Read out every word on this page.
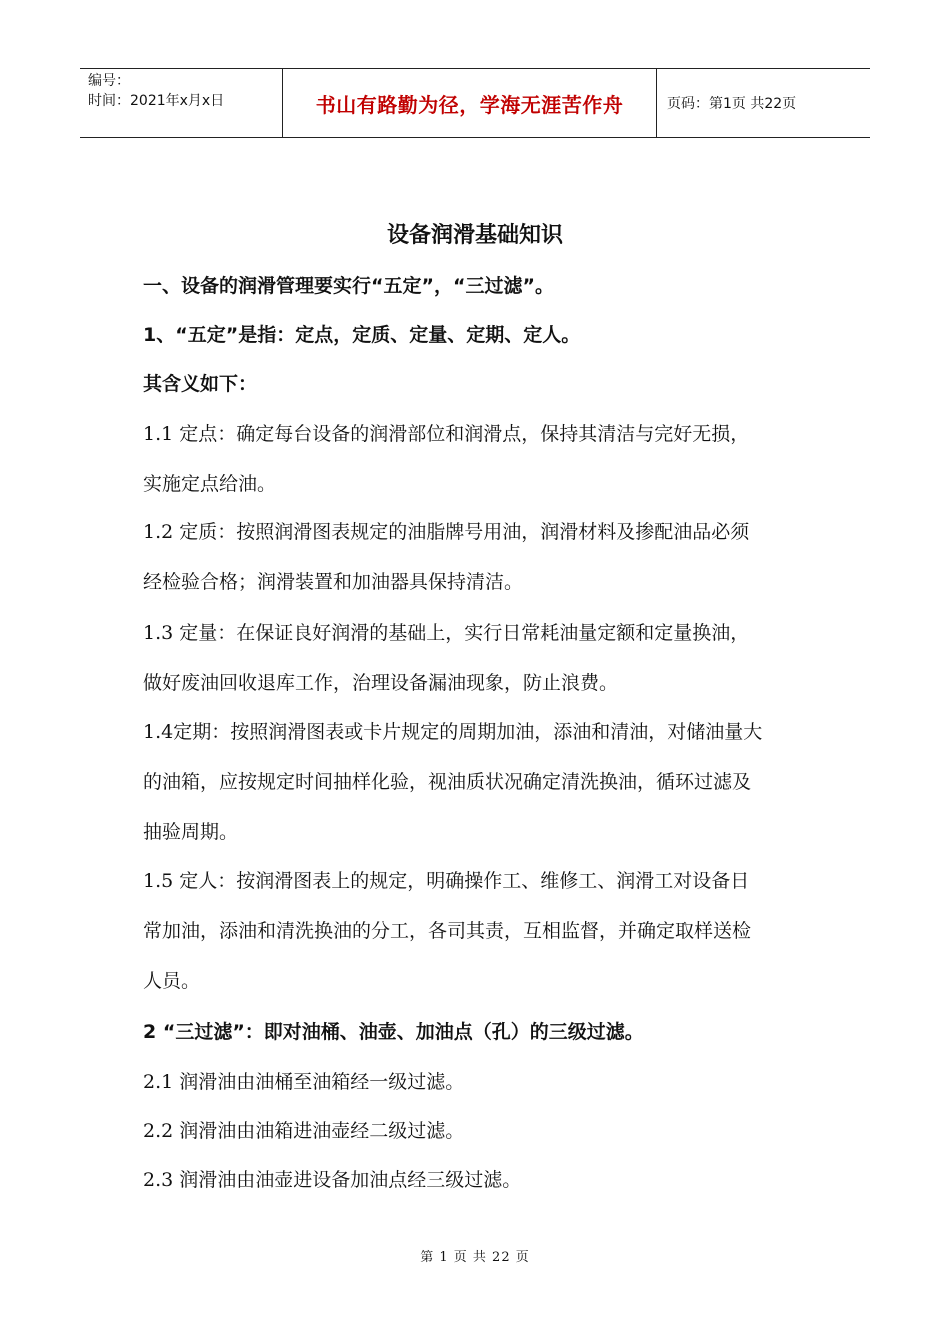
编号：
时间：2021年x月x日	书山有路勤为径，学海无涯苦作舟	页码：第1页 共22页
设备润滑基础知识
一、设备的润滑管理要实行“五定”，“三过滤”。
1、“五定”是指：定点，定质、定量、定期、定人。
其含义如下：
1.1 定点：确定每台设备的润滑部位和润滑点，保持其清洁与完好无损，
实施定点给油。
1.2 定质：按照润滑图表规定的油脂牌号用油，润滑材料及掺配油品必须
经检验合格；润滑装置和加油器具保持清洁。
1.3 定量：在保证良好润滑的基础上，实行日常耗油量定额和定量换油，
做好废油回收退库工作，治理设备漏油现象，防止浪费。
1.4定期：按照润滑图表或卡片规定的周期加油，添油和清油，对储油量大
的油箱，应按规定时间抽样化验，视油质状况确定清洗换油，循环过滤及
抽验周期。
1.5 定人：按润滑图表上的规定，明确操作工、维修工、润滑工对设备日
常加油，添油和清洗换油的分工，各司其责，互相监督，并确定取样送检
人员。
2 “三过滤”：即对油桶、油壶、加油点（孔）的三级过滤。
2.1 润滑油由油桶至油箱经一级过滤。
2.2 润滑油由油箱进油壶经二级过滤。
2.3 润滑油由油壶进设备加油点经三级过滤。
第 1 页 共 22 页
